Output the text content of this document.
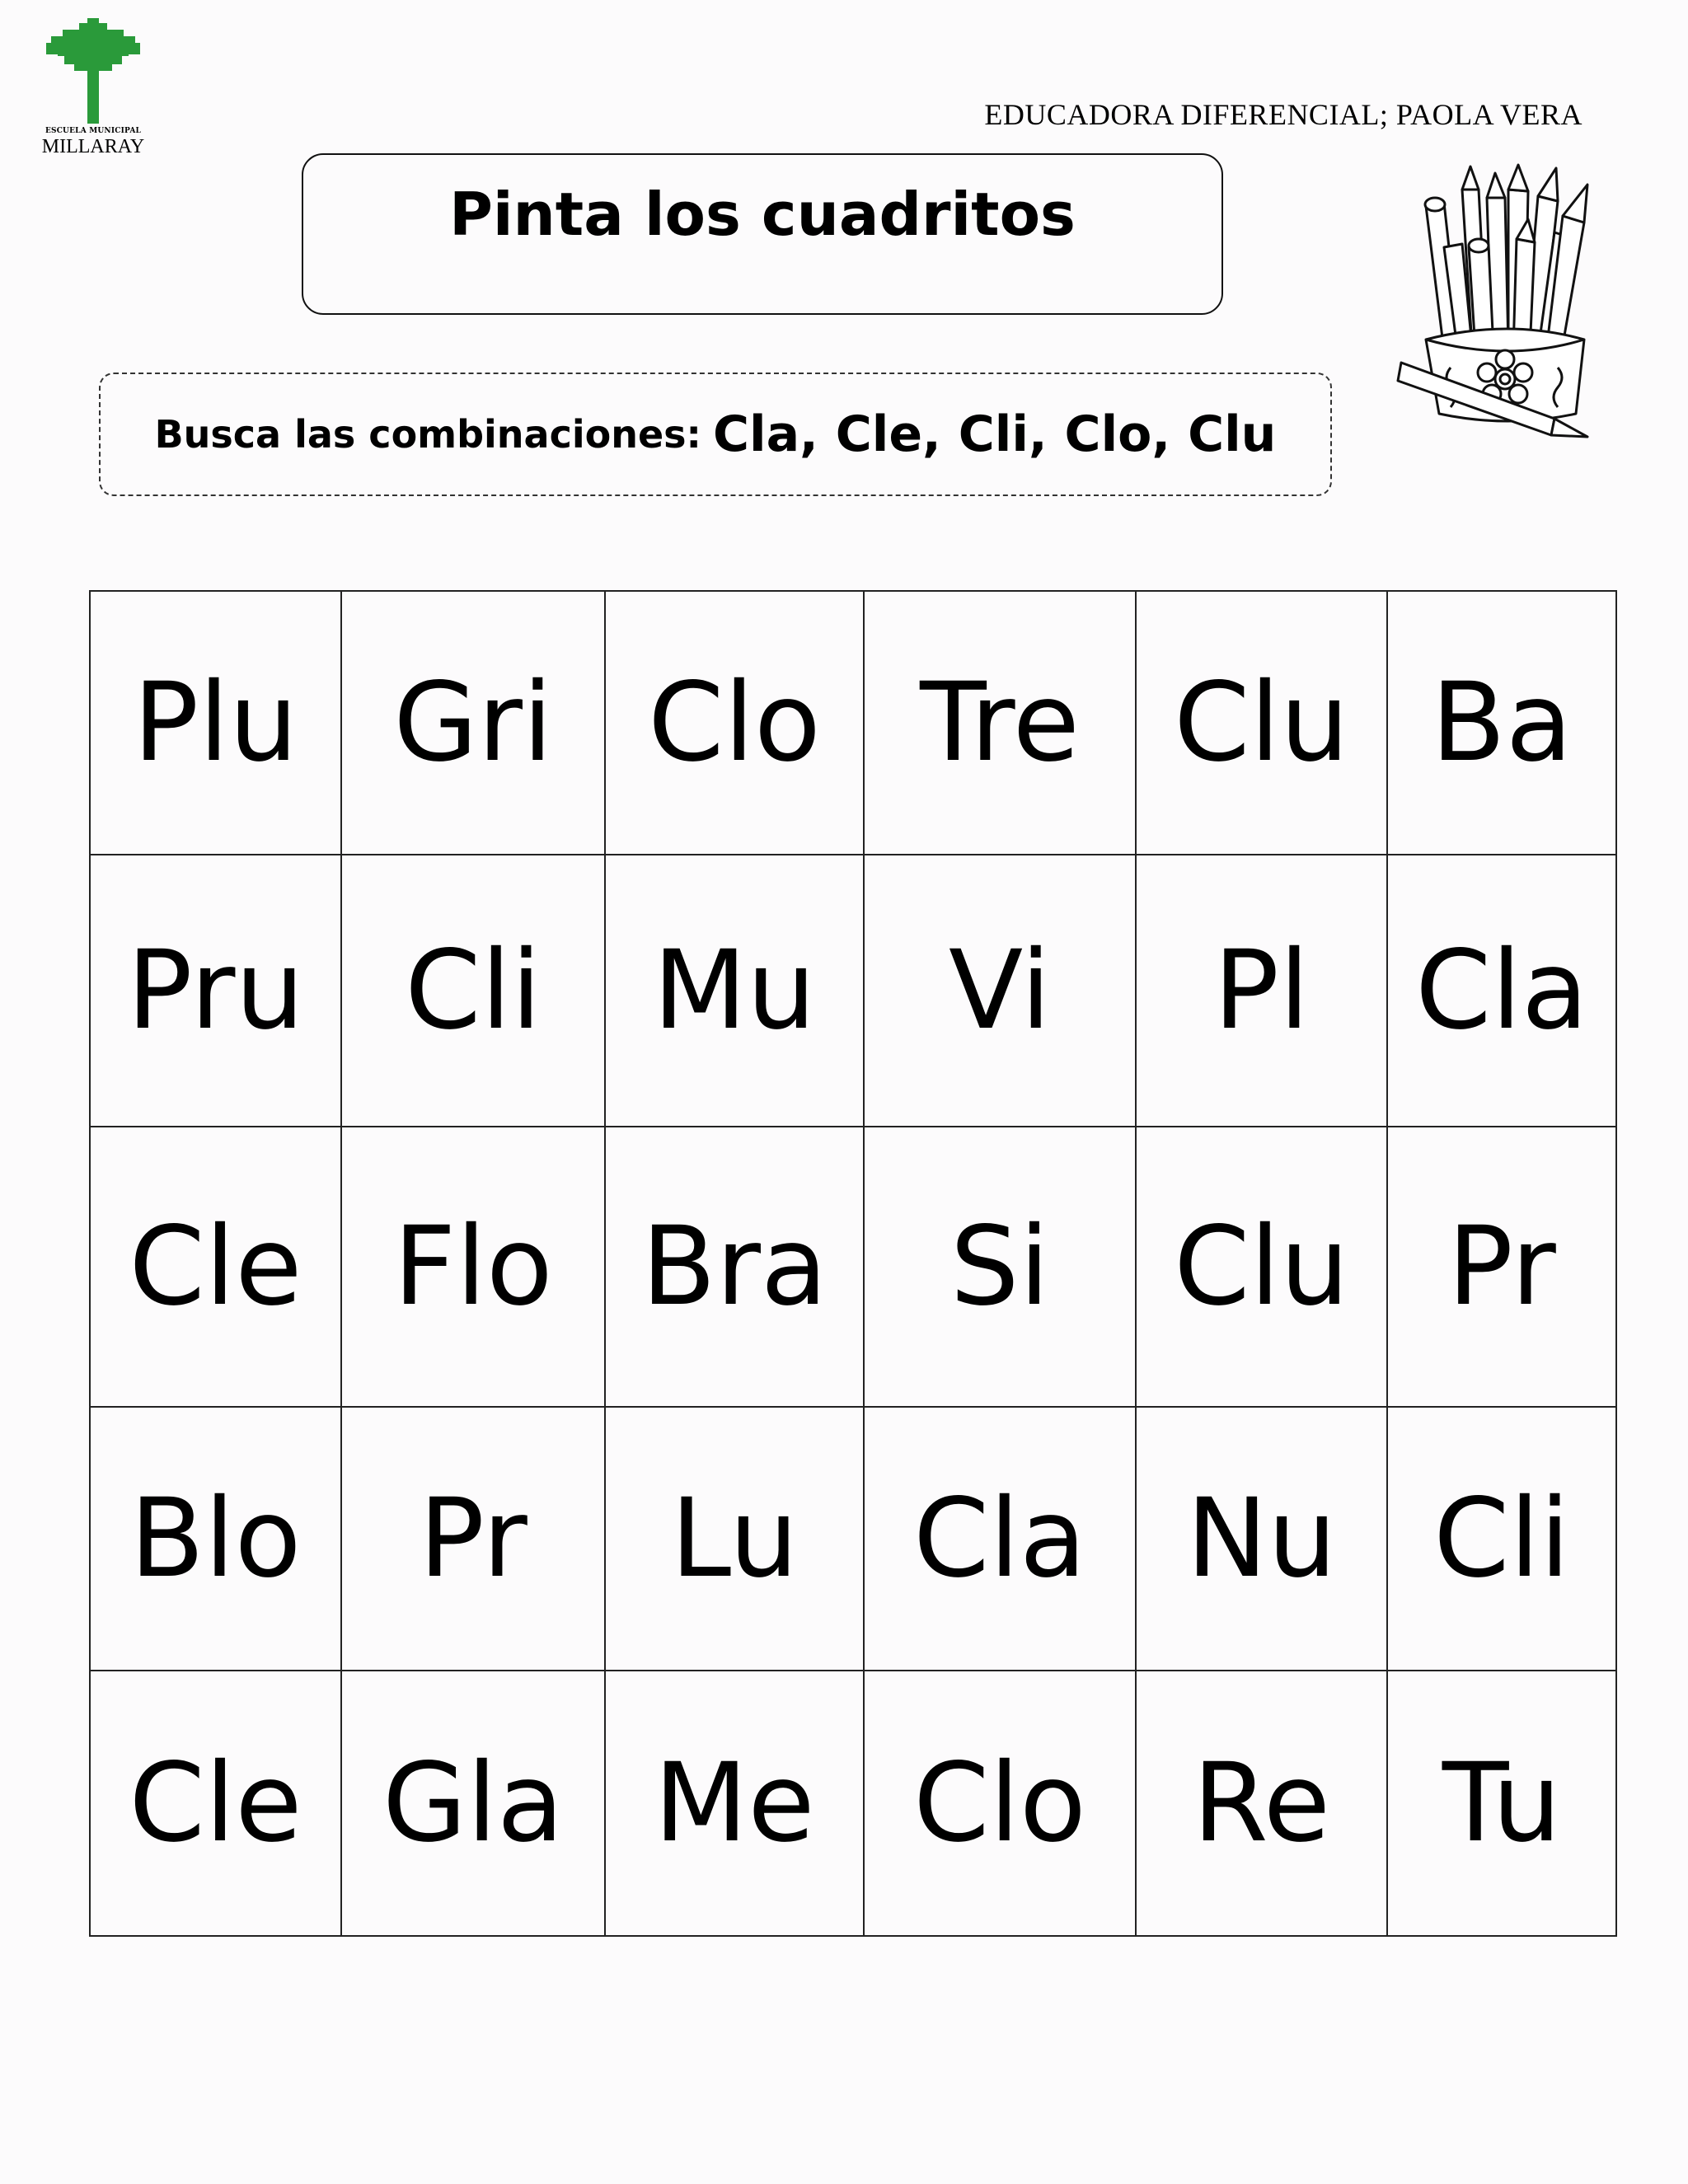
ESCUELA MUNICIPAL
MILLARAY
EDUCADORA DIFERENCIAL; PAOLA VERA
Pinta los cuadritos
Busca las combinaciones: Cla, Cle, Cli, Clo, Clu
Plu	Gri	Clo	Tre	Clu	Ba
Pru	Cli	Mu	Vi	Pl	Cla
Cle	Flo	Bra	Si	Clu	Pr
Blo	Pr	Lu	Cla	Nu	Cli
Cle	Gla	Me	Clo	Re	Tu
